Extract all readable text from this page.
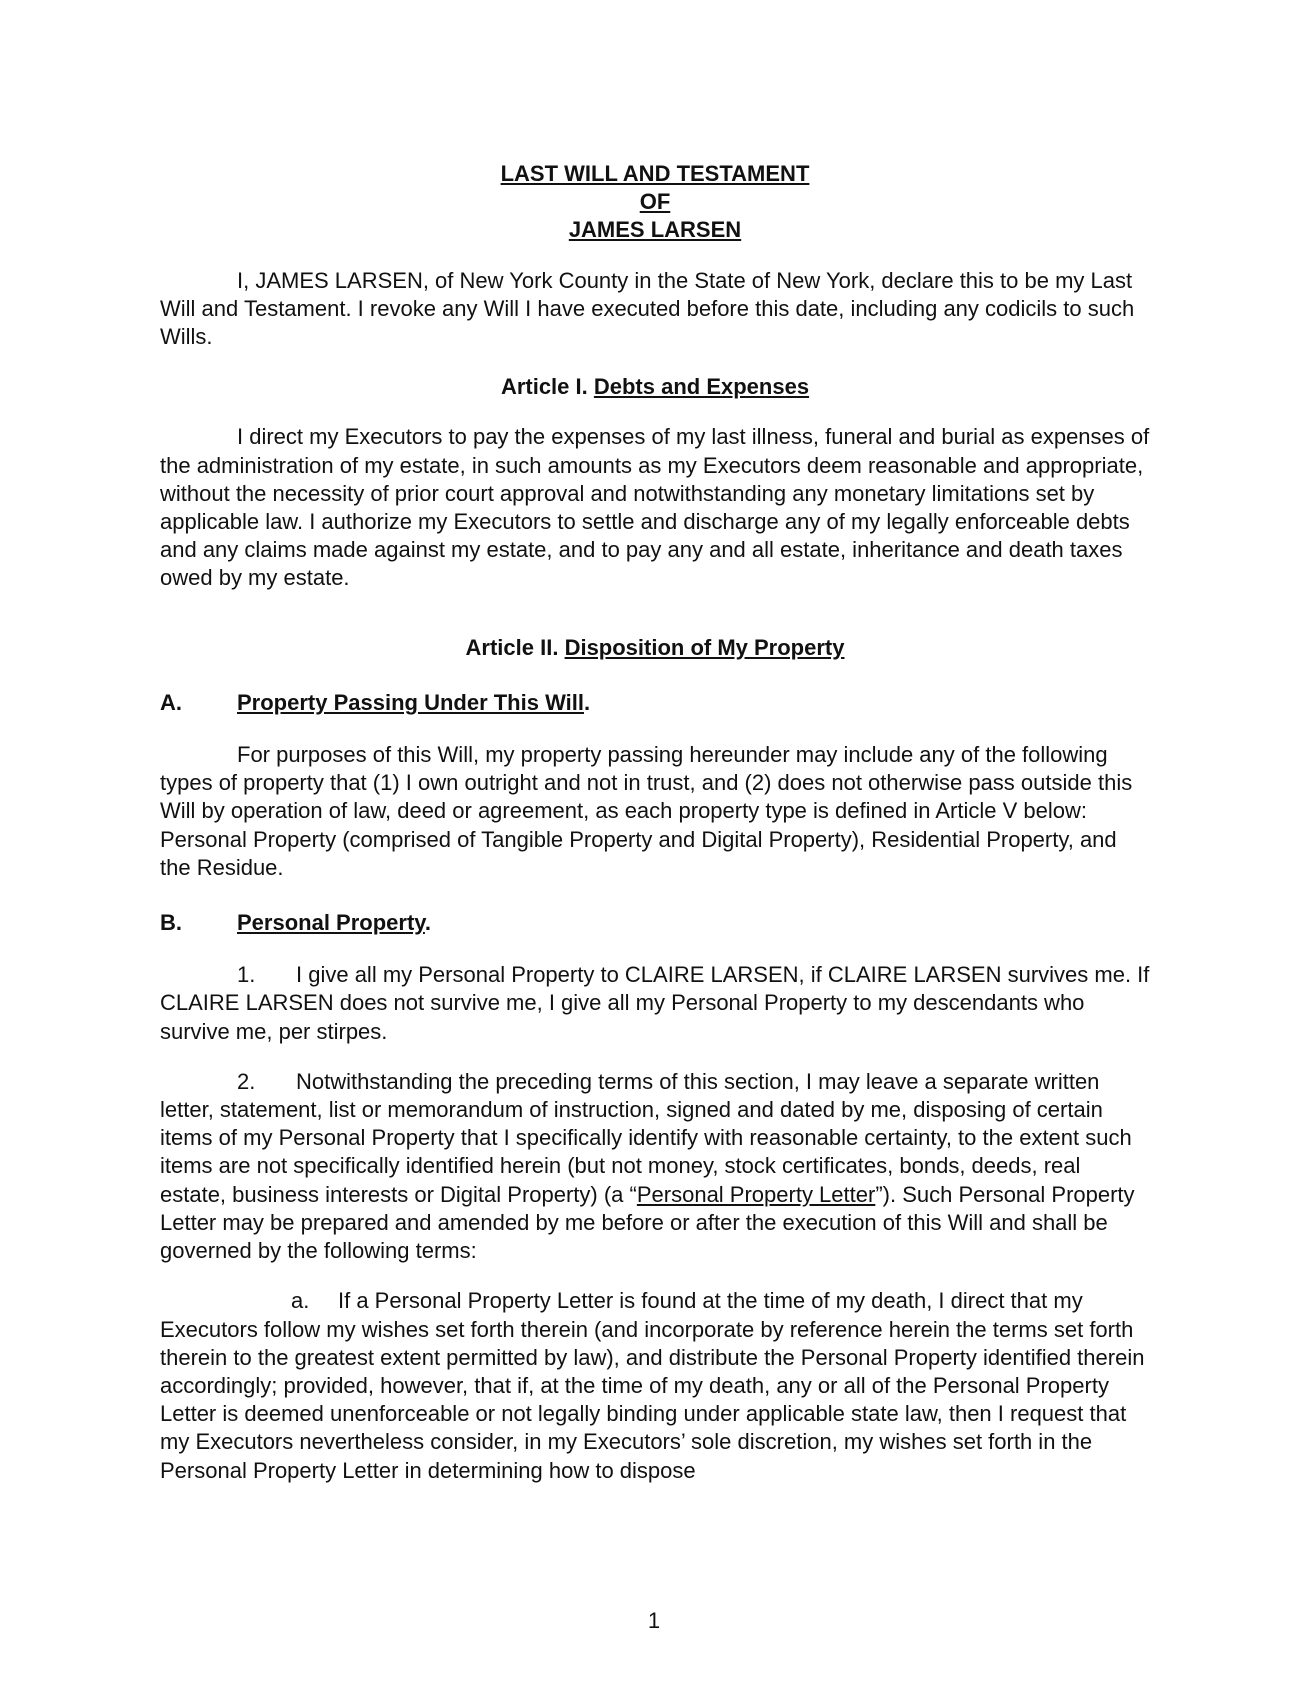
LAST WILL AND TESTAMENT

OF

JAMES LARSEN

I, JAMES LARSEN, of New York County in the State of New York, declare this to be my Last Will and Testament. I revoke any Will I have executed before this date, including any codicils to such Wills.

Article I. Debts and Expenses

I direct my Executors to pay the expenses of my last illness, funeral and burial as expenses of the administration of my estate, in such amounts as my Executors deem reasonable and appropriate, without the necessity of prior court approval and notwithstanding any monetary limitations set by applicable law. I authorize my Executors to settle and discharge any of my legally enforceable debts and any claims made against my estate, and to pay any and all estate, inheritance and death taxes owed by my estate.

Article II. Disposition of My Property

A.	Property Passing Under This Will.

For purposes of this Will, my property passing hereunder may include any of the following types of property that (1) I own outright and not in trust, and (2) does not otherwise pass outside this Will by operation of law, deed or agreement, as each property type is defined in Article V below: Personal Property (comprised of Tangible Property and Digital Property), Residential Property, and the Residue.

B.	Personal Property.

1. I give all my Personal Property to CLAIRE LARSEN, if CLAIRE LARSEN survives me. If CLAIRE LARSEN does not survive me, I give all my Personal Property to my descendants who survive me, per stirpes.

2. Notwithstanding the preceding terms of this section, I may leave a separate written letter, statement, list or memorandum of instruction, signed and dated by me, disposing of certain items of my Personal Property that I specifically identify with reasonable certainty, to the extent such items are not specifically identified herein (but not money, stock certificates, bonds, deeds, real estate, business interests or Digital Property) (a “Personal Property Letter”). Such Personal Property Letter may be prepared and amended by me before or after the execution of this Will and shall be governed by the following terms:

a. If a Personal Property Letter is found at the time of my death, I direct that my Executors follow my wishes set forth therein (and incorporate by reference herein the terms set forth therein to the greatest extent permitted by law), and distribute the Personal Property identified therein accordingly; provided, however, that if, at the time of my death, any or all of the Personal Property Letter is deemed unenforceable or not legally binding under applicable state law, then I request that my Executors nevertheless consider, in my Executors’ sole discretion, my wishes set forth in the Personal Property Letter in determining how to dispose

1
